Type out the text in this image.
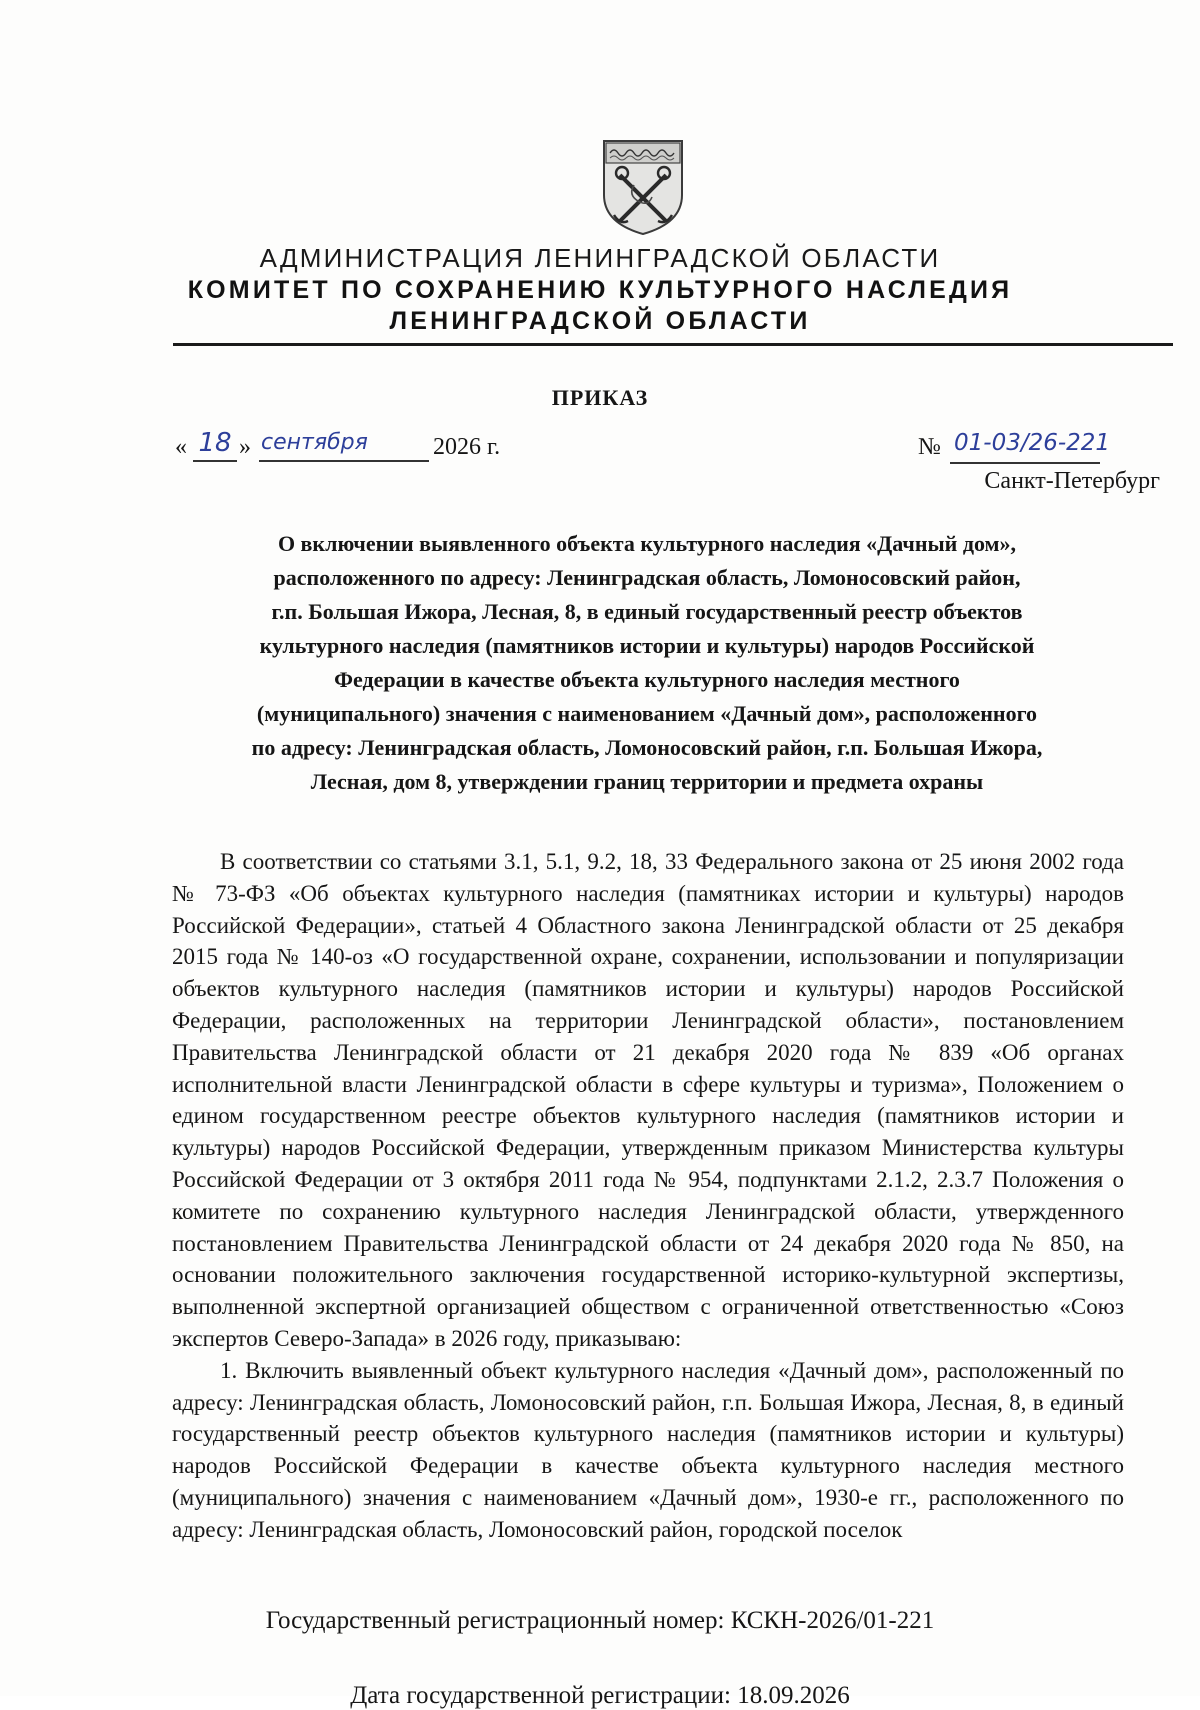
АДМИНИСТРАЦИЯ ЛЕНИНГРАДСКОЙ ОБЛАСТИ
КОМИТЕТ ПО СОХРАНЕНИЮ КУЛЬТУРНОГО НАСЛЕДИЯ
ЛЕНИНГРАДСКОЙ ОБЛАСТИ
ПРИКАЗ
« 18 » сентября	2026 г.	№ 01-03/26-221
Санкт-Петербург
О включении выявленного объекта культурного наследия «Дачный дом»,
расположенного по адресу: Ленинградская область, Ломоносовский район,
г.п. Большая Ижора, Лесная, 8, в единый государственный реестр объектов
культурного наследия (памятников истории и культуры) народов Российской
Федерации в качестве объекта культурного наследия местного
(муниципального) значения с наименованием «Дачный дом», расположенного
по адресу: Ленинградская область, Ломоносовский район, г.п. Большая Ижора,
Лесная, дом 8, утверждении границ территории и предмета охраны

В соответствии со статьями 3.1, 5.1, 9.2, 18, 33 Федерального закона от 25 июня 2002 года № 73-ФЗ «Об объектах культурного наследия (памятниках истории и культуры) народов Российской Федерации», статьей 4 Областного закона Ленинградской области от 25 декабря 2015 года № 140-оз «О государственной охране, сохранении, использовании и популяризации объектов культурного наследия (памятников истории и культуры) народов Российской Федерации, расположенных на территории Ленинградской области», постановлением Правительства Ленинградской области от 21 декабря 2020 года № 839 «Об органах исполнительной власти Ленинградской области в сфере культуры и туризма», Положением о едином государственном реестре объектов культурного наследия (памятников истории и культуры) народов Российской Федерации, утвержденным приказом Министерства культуры Российской Федерации от 3 октября 2011 года № 954, подпунктами 2.1.2, 2.3.7 Положения о комитете по сохранению культурного наследия Ленинградской области, утвержденного постановлением Правительства Ленинградской области от 24 декабря 2020 года № 850, на основании положительного заключения государственной историко-культурной экспертизы, выполненной экспертной организацией обществом с ограниченной ответственностью «Союз экспертов Северо-Запада» в 2026 году, приказываю:

1. Включить выявленный объект культурного наследия «Дачный дом», расположенный по адресу: Ленинградская область, Ломоносовский район, г.п. Большая Ижора, Лесная, 8, в единый государственный реестр объектов культурного наследия (памятников истории и культуры) народов Российской Федерации в качестве объекта культурного наследия местного (муниципального) значения с наименованием «Дачный дом», 1930-е гг., расположенного по адресу: Ленинградская область, Ломоносовский район, городской поселок

Государственный регистрационный номер: КСКН-2026/01-221
Дата государственной регистрации: 18.09.2026
